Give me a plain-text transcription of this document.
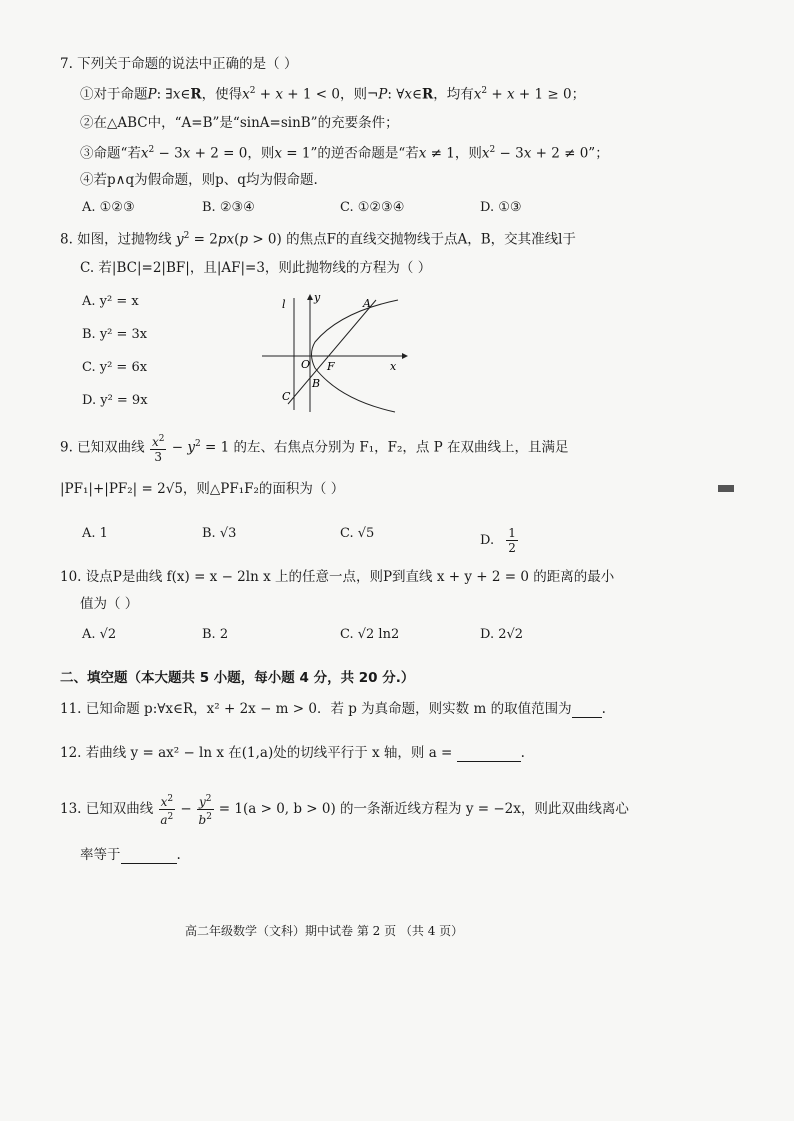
7. 下列关于命题的说法中正确的是（ ）
①对于命题P: ∃x∈R，使得$x^2 + x + 1 < 0$，则¬P: ∀x∈R，均有$x^2 + x + 1 \ge 0$；
②在△ABC中，“A=B”是“sinA=sinB”的充要条件；
③命题“若$x^2 - 3x + 2 = 0$，则x = 1”的逆否命题是“若x ≠ 1，则$x^2 - 3x + 2 \ne 0$”；
④若p∧q为假命题，则p、q均为假命题.
A. ①②③	B. ②③④	C. ①②③④	D. ①③
8. 如图，过抛物线 $y^2 = 2px(p > 0)$ 的焦点F的直线交抛物线于点A，B，交其准线l于
C. 若|BC|=2|BF|，且|AF|=3，则此抛物线的方程为（ ）
A. y² = x
B. y² = 3x
C. y² = 6x
D. y² = 9x
l
y	A
O F	x
B
C
9. 已知双曲线 $\frac{x^2}{3} - y^2 = 1$ 的左、右焦点分别为 F₁，F₂，点 P 在双曲线上，且满足
|PF₁|+|PF₂| = 2√5，则△PF₁F₂的面积为（ ）
A. 1	B. √3	C. √5	D. $\frac{1}{2}$
10. 设点P是曲线 f(x) = x − 2ln x 上的任意一点，则P到直线 x + y + 2 = 0 的距离的最小
值为（ ）
A. √2	B. 2	C. √2 ln2	D. 2√2
二、填空题（本大题共 5 小题，每小题 4 分，共 20 分.）
11. 已知命题 p:∀x∈R，x² + 2x − m > 0．若 p 为真命题，则实数 m 的取值范围为 .
12. 若曲线 y = ax² − ln x 在(1,a)处的切线平行于 x 轴，则 a =	.
13. 已知双曲线 $\frac{x^2}{a^2} - \frac{y^2}{b^2} = 1(a > 0$, b > 0) 的一条渐近线方程为 y = −2x，则此双曲线离心
率等于	.
高二年级数学（文科）期中试卷 第 2 页 （共 4 页）
